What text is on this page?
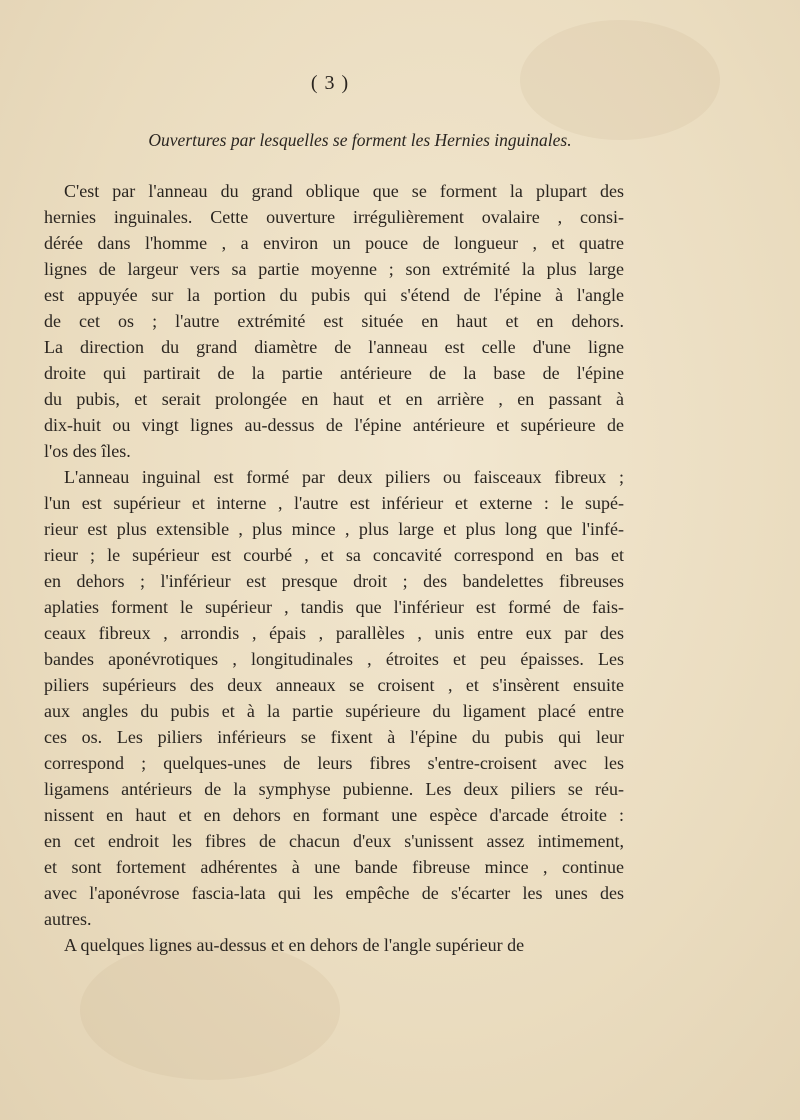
( 3 )
Ouvertures par lesquelles se forment les Hernies inguinales.
C'est par l'anneau du grand oblique que se forment la plupart des
hernies inguinales. Cette ouverture irrégulièrement ovalaire , consi-
dérée dans l'homme , a environ un pouce de longueur , et quatre
lignes de largeur vers sa partie moyenne ; son extrémité la plus large
est appuyée sur la portion du pubis qui s'étend de l'épine à l'angle
de cet os ; l'autre extrémité est située en haut et en dehors.
La direction du grand diamètre de l'anneau est celle d'une ligne
droite qui partirait de la partie antérieure de la base de l'épine
du pubis, et serait prolongée en haut et en arrière , en passant à
dix-huit ou vingt lignes au-dessus de l'épine antérieure et supérieure de
l'os des îles.
L'anneau inguinal est formé par deux piliers ou faisceaux fibreux ;
l'un est supérieur et interne , l'autre est inférieur et externe : le supé-
rieur est plus extensible , plus mince , plus large et plus long que l'infé-
rieur ; le supérieur est courbé , et sa concavité correspond en bas et
en dehors ; l'inférieur est presque droit ; des bandelettes fibreuses
aplaties forment le supérieur , tandis que l'inférieur est formé de fais-
ceaux fibreux , arrondis , épais , parallèles , unis entre eux par des
bandes aponévrotiques , longitudinales , étroites et peu épaisses. Les
piliers supérieurs des deux anneaux se croisent , et s'insèrent ensuite
aux angles du pubis et à la partie supérieure du ligament placé entre
ces os. Les piliers inférieurs se fixent à l'épine du pubis qui leur
correspond ; quelques-unes de leurs fibres s'entre-croisent avec les
ligamens antérieurs de la symphyse pubienne. Les deux piliers se réu-
nissent en haut et en dehors en formant une espèce d'arcade étroite :
en cet endroit les fibres de chacun d'eux s'unissent assez intimement,
et sont fortement adhérentes à une bande fibreuse mince , continue
avec l'aponévrose fascia-lata qui les empêche de s'écarter les unes des
autres.
A quelques lignes au-dessus et en dehors de l'angle supérieur de
